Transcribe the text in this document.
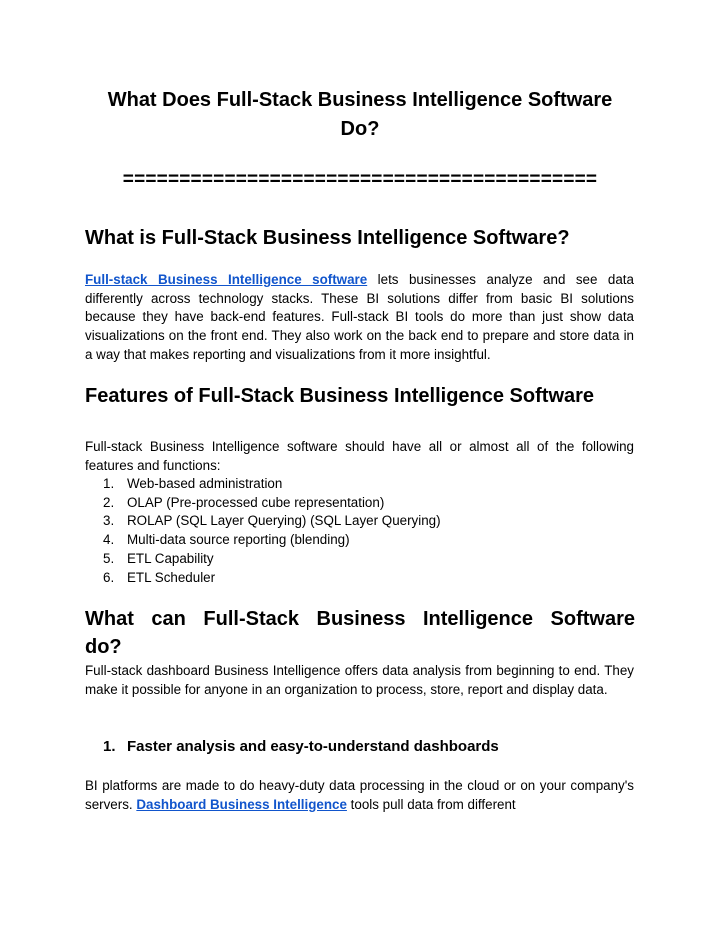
What Does Full-Stack Business Intelligence Software
Do?
==========================================
What is Full-Stack Business Intelligence Software?
Full-stack Business Intelligence software lets businesses analyze and see data differently across technology stacks. These BI solutions differ from basic BI solutions because they have back-end features. Full-stack BI tools do more than just show data visualizations on the front end. They also work on the back end to prepare and store data in a way that makes reporting and visualizations from it more insightful.
Features of Full-Stack Business Intelligence Software
Full-stack Business Intelligence software should have all or almost all of the following features and functions:
1. Web-based administration
2. OLAP (Pre-processed cube representation)
3. ROLAP (SQL Layer Querying) (SQL Layer Querying)
4. Multi-data source reporting (blending)
5. ETL Capability
6. ETL Scheduler
What can Full-Stack Business Intelligence Software
do?
Full-stack dashboard Business Intelligence offers data analysis from beginning to end. They make it possible for anyone in an organization to process, store, report and display data.
1. Faster analysis and easy-to-understand dashboards
BI platforms are made to do heavy-duty data processing in the cloud or on your company's servers. Dashboard Business Intelligence tools pull data from different
